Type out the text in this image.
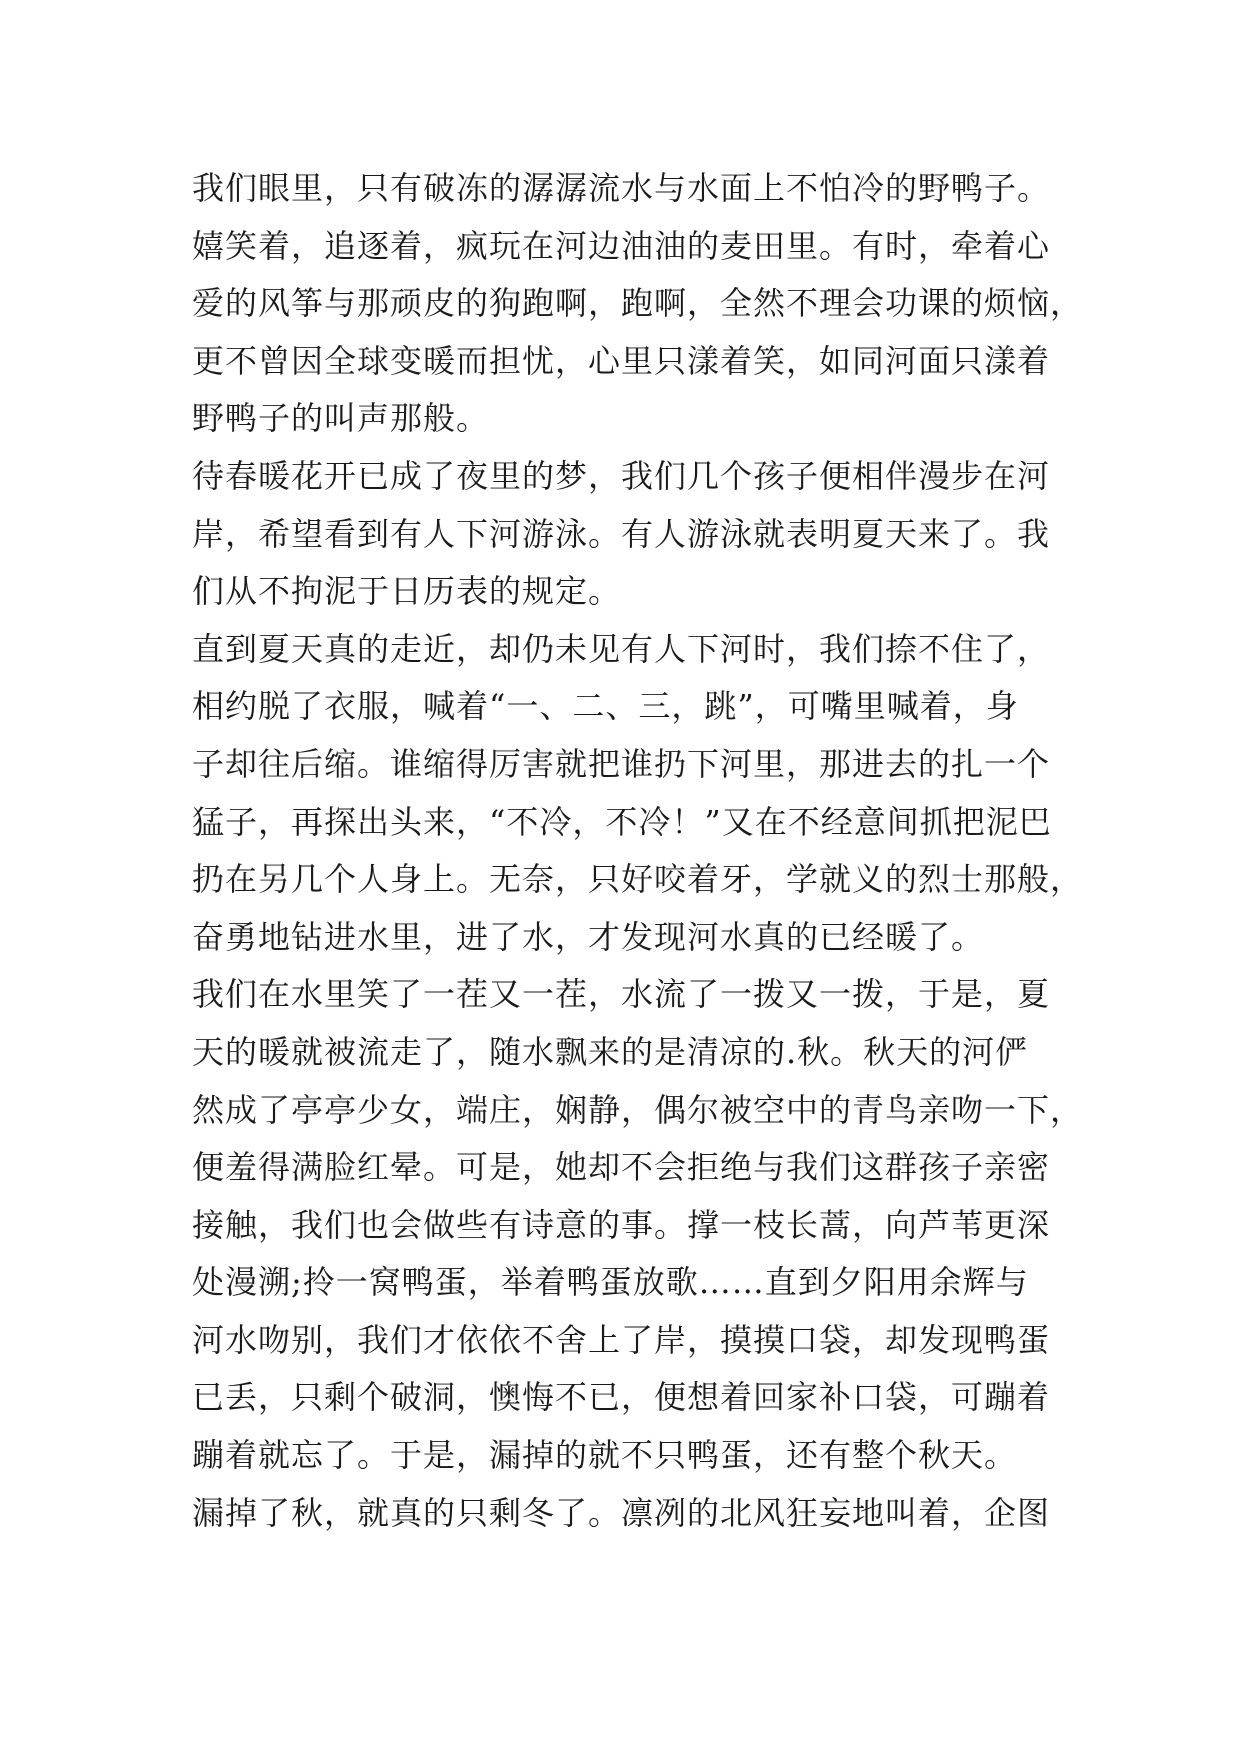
我们眼里，只有破冻的潺潺流水与水面上不怕冷的野鸭子。
嬉笑着，追逐着，疯玩在河边油油的麦田里。有时，牵着心
爱的风筝与那顽皮的狗跑啊，跑啊，全然不理会功课的烦恼，
更不曾因全球变暖而担忧，心里只漾着笑，如同河面只漾着
野鸭子的叫声那般。
待春暖花开已成了夜里的梦，我们几个孩子便相伴漫步在河
岸，希望看到有人下河游泳。有人游泳就表明夏天来了。我
们从不拘泥于日历表的规定。
直到夏天真的走近，却仍未见有人下河时，我们捺不住了，
相约脱了衣服，喊着“一、二、三，跳”，可嘴里喊着，身
子却往后缩。谁缩得厉害就把谁扔下河里，那进去的扎一个
猛子，再探出头来，“不冷，不冷！”又在不经意间抓把泥巴
扔在另几个人身上。无奈，只好咬着牙，学就义的烈士那般，
奋勇地钻进水里，进了水，才发现河水真的已经暖了。
我们在水里笑了一茬又一茬，水流了一拨又一拨，于是，夏
天的暖就被流走了，随水飘来的是清凉的.秋。秋天的河俨
然成了亭亭少女，端庄，娴静，偶尔被空中的青鸟亲吻一下，
便羞得满脸红晕。可是，她却不会拒绝与我们这群孩子亲密
接触，我们也会做些有诗意的事。撑一枝长蒿，向芦苇更深
处漫溯;拎一窝鸭蛋，举着鸭蛋放歌……直到夕阳用余辉与
河水吻别，我们才依依不舍上了岸，摸摸口袋，却发现鸭蛋
已丢，只剩个破洞，懊悔不已，便想着回家补口袋，可蹦着
蹦着就忘了。于是，漏掉的就不只鸭蛋，还有整个秋天。
漏掉了秋，就真的只剩冬了。凛冽的北风狂妄地叫着，企图
